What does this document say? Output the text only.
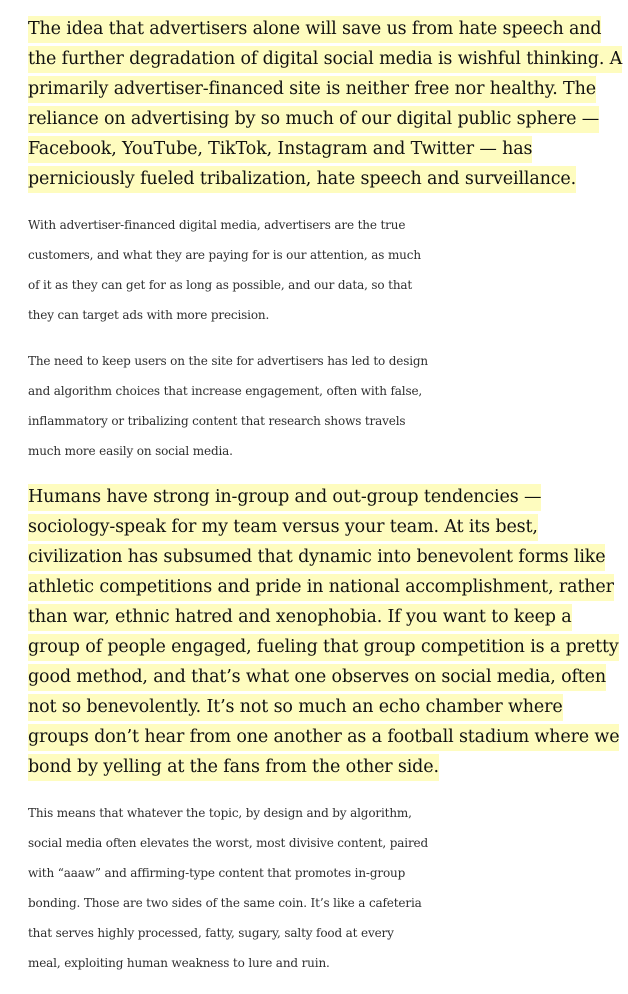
The idea that advertisers alone will save us from hate speech and
the further degradation of digital social media is wishful thinking. A
primarily advertiser-financed site is neither free nor healthy. The
reliance on advertising by so much of our digital public sphere —
Facebook, YouTube, TikTok, Instagram and Twitter — has
perniciously fueled tribalization, hate speech and surveillance.

With advertiser-financed digital media, advertisers are the true
customers, and what they are paying for is our attention, as much
of it as they can get for as long as possible, and our data, so that
they can target ads with more precision.

The need to keep users on the site for advertisers has led to design
and algorithm choices that increase engagement, often with false,
inflammatory or tribalizing content that research shows travels
much more easily on social media.

Humans have strong in-group and out-group tendencies —
sociology-speak for my team versus your team. At its best,
civilization has subsumed that dynamic into benevolent forms like
athletic competitions and pride in national accomplishment, rather
than war, ethnic hatred and xenophobia. If you want to keep a
group of people engaged, fueling that group competition is a pretty
good method, and that’s what one observes on social media, often
not so benevolently. It’s not so much an echo chamber where
groups don’t hear from one another as a football stadium where we
bond by yelling at the fans from the other side.

This means that whatever the topic, by design and by algorithm,
social media often elevates the worst, most divisive content, paired
with “aaaw” and affirming-type content that promotes in-group
bonding. Those are two sides of the same coin. It’s like a cafeteria
that serves highly processed, fatty, sugary, salty food at every
meal, exploiting human weakness to lure and ruin.
